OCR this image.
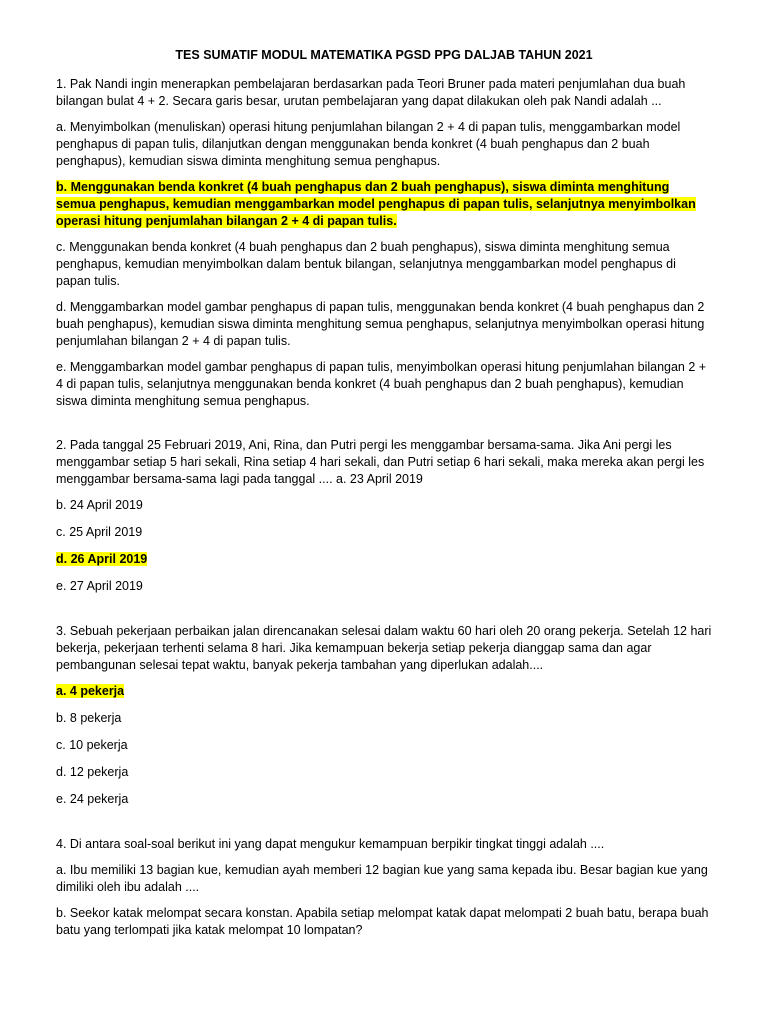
TES SUMATIF MODUL MATEMATIKA PGSD PPG DALJAB TAHUN 2021
1. Pak Nandi ingin menerapkan pembelajaran berdasarkan pada Teori Bruner pada materi penjumlahan dua buah bilangan bulat 4 + 2. Secara garis besar, urutan pembelajaran yang dapat dilakukan oleh pak Nandi adalah ...
a. Menyimbolkan (menuliskan) operasi hitung penjumlahan bilangan 2 + 4 di papan tulis, menggambarkan model penghapus di papan tulis, dilanjutkan dengan menggunakan benda konkret (4 buah penghapus dan 2 buah penghapus), kemudian siswa diminta menghitung semua penghapus.
b. Menggunakan benda konkret (4 buah penghapus dan 2 buah penghapus), siswa diminta menghitung semua penghapus, kemudian menggambarkan model penghapus di papan tulis, selanjutnya menyimbolkan operasi hitung penjumlahan bilangan 2 + 4 di papan tulis.
c. Menggunakan benda konkret (4 buah penghapus dan 2 buah penghapus), siswa diminta menghitung semua penghapus, kemudian menyimbolkan dalam bentuk bilangan, selanjutnya menggambarkan model penghapus di papan tulis.
d. Menggambarkan model gambar penghapus di papan tulis, menggunakan benda konkret (4 buah penghapus dan 2 buah penghapus), kemudian siswa diminta menghitung semua penghapus, selanjutnya menyimbolkan operasi hitung penjumlahan bilangan 2 + 4 di papan tulis.
e. Menggambarkan model gambar penghapus di papan tulis, menyimbolkan operasi hitung penjumlahan bilangan 2 + 4 di papan tulis, selanjutnya menggunakan benda konkret (4 buah penghapus dan 2 buah penghapus), kemudian siswa diminta menghitung semua penghapus.
2. Pada tanggal 25 Februari 2019, Ani, Rina, dan Putri pergi les menggambar bersama-sama. Jika Ani pergi les menggambar setiap 5 hari sekali, Rina setiap 4 hari sekali, dan Putri setiap 6 hari sekali, maka mereka akan pergi les menggambar bersama-sama lagi pada tanggal .... a. 23 April 2019
b. 24 April 2019
c. 25 April 2019
d. 26 April 2019
e. 27 April 2019
3. Sebuah pekerjaan perbaikan jalan direncanakan selesai dalam waktu 60 hari oleh 20 orang pekerja. Setelah 12 hari bekerja, pekerjaan terhenti selama 8 hari. Jika kemampuan bekerja setiap pekerja dianggap sama dan agar pembangunan selesai tepat waktu, banyak pekerja tambahan yang diperlukan adalah....
a. 4 pekerja
b. 8 pekerja
c. 10 pekerja
d. 12 pekerja
e. 24 pekerja
4. Di antara soal-soal berikut ini yang dapat mengukur kemampuan berpikir tingkat tinggi adalah ....
a. Ibu memiliki 13 bagian kue, kemudian ayah memberi 12 bagian kue yang sama kepada ibu. Besar bagian kue yang dimiliki oleh ibu adalah ....
b. Seekor katak melompat secara konstan. Apabila setiap melompat katak dapat melompati 2 buah batu, berapa buah batu yang terlompati jika katak melompat 10 lompatan?
